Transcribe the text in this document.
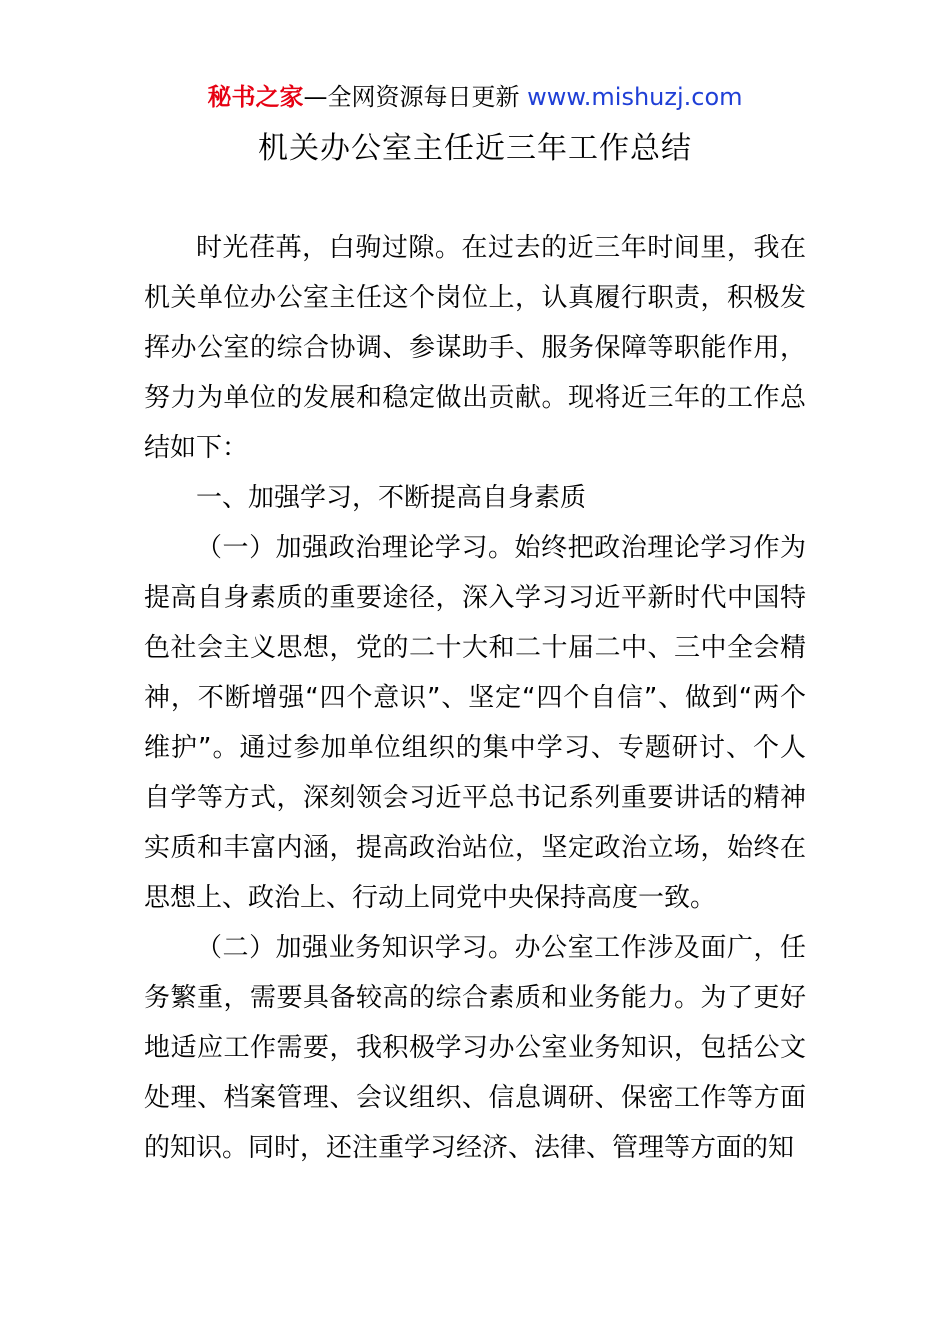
秘书之家—全网资源每日更新 www.mishuzj.com
机关办公室主任近三年工作总结

时光荏苒，白驹过隙。在过去的近三年时间里，我在机关单位办公室主任这个岗位上，认真履行职责，积极发挥办公室的综合协调、参谋助手、服务保障等职能作用，努力为单位的发展和稳定做出贡献。现将近三年的工作总结如下：

一、加强学习，不断提高自身素质

（一）加强政治理论学习。始终把政治理论学习作为提高自身素质的重要途径，深入学习习近平新时代中国特色社会主义思想，党的二十大和二十届二中、三中全会精神，不断增强“四个意识”、坚定“四个自信”、做到“两个维护”。通过参加单位组织的集中学习、专题研讨、个人自学等方式，深刻领会习近平总书记系列重要讲话的精神实质和丰富内涵，提高政治站位，坚定政治立场，始终在思想上、政治上、行动上同党中央保持高度一致。

（二）加强业务知识学习。办公室工作涉及面广，任务繁重，需要具备较高的综合素质和业务能力。为了更好地适应工作需要，我积极学习办公室业务知识，包括公文处理、档案管理、会议组织、信息调研、保密工作等方面的知识。同时，还注重学习经济、法律、管理等方面的知
